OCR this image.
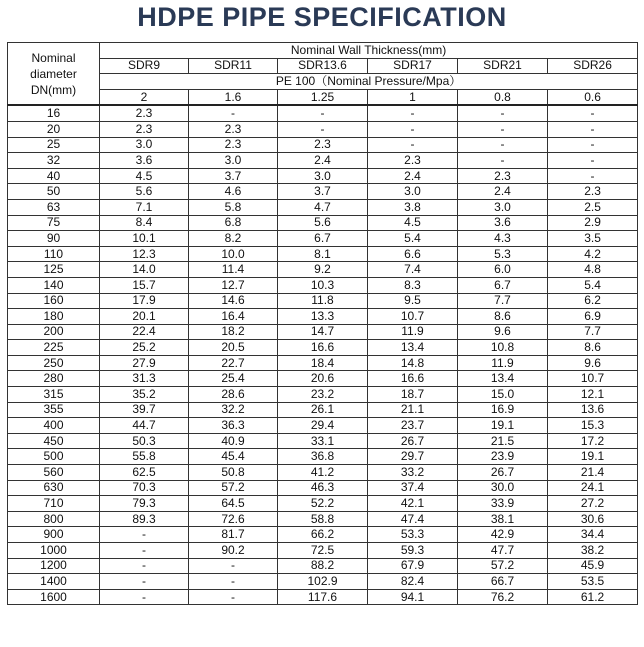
HDPE PIPE SPECIFICATION
Nominal
diameter
DN(mm)	Nominal Wall Thickness(mm)					
	SDR9	SDR11	SDR13.6	SDR17	SDR21	SDR26
	PE 100（Nominal Pressure/Mpa）					
	2	1.6	1.25	1	0.8	0.6
16	2.3	-	-	-	-	-
20	2.3	2.3	-	-	-	-
25	3.0	2.3	2.3	-	-	-
32	3.6	3.0	2.4	2.3	-	-
40	4.5	3.7	3.0	2.4	2.3	-
50	5.6	4.6	3.7	3.0	2.4	2.3
63	7.1	5.8	4.7	3.8	3.0	2.5
75	8.4	6.8	5.6	4.5	3.6	2.9
90	10.1	8.2	6.7	5.4	4.3	3.5
110	12.3	10.0	8.1	6.6	5.3	4.2
125	14.0	11.4	9.2	7.4	6.0	4.8
140	15.7	12.7	10.3	8.3	6.7	5.4
160	17.9	14.6	11.8	9.5	7.7	6.2
180	20.1	16.4	13.3	10.7	8.6	6.9
200	22.4	18.2	14.7	11.9	9.6	7.7
225	25.2	20.5	16.6	13.4	10.8	8.6
250	27.9	22.7	18.4	14.8	11.9	9.6
280	31.3	25.4	20.6	16.6	13.4	10.7
315	35.2	28.6	23.2	18.7	15.0	12.1
355	39.7	32.2	26.1	21.1	16.9	13.6
400	44.7	36.3	29.4	23.7	19.1	15.3
450	50.3	40.9	33.1	26.7	21.5	17.2
500	55.8	45.4	36.8	29.7	23.9	19.1
560	62.5	50.8	41.2	33.2	26.7	21.4
630	70.3	57.2	46.3	37.4	30.0	24.1
710	79.3	64.5	52.2	42.1	33.9	27.2
800	89.3	72.6	58.8	47.4	38.1	30.6
900	-	81.7	66.2	53.3	42.9	34.4
1000	-	90.2	72.5	59.3	47.7	38.2
1200	-	-	88.2	67.9	57.2	45.9
1400	-	-	102.9	82.4	66.7	53.5
1600	-	-	117.6	94.1	76.2	61.2
